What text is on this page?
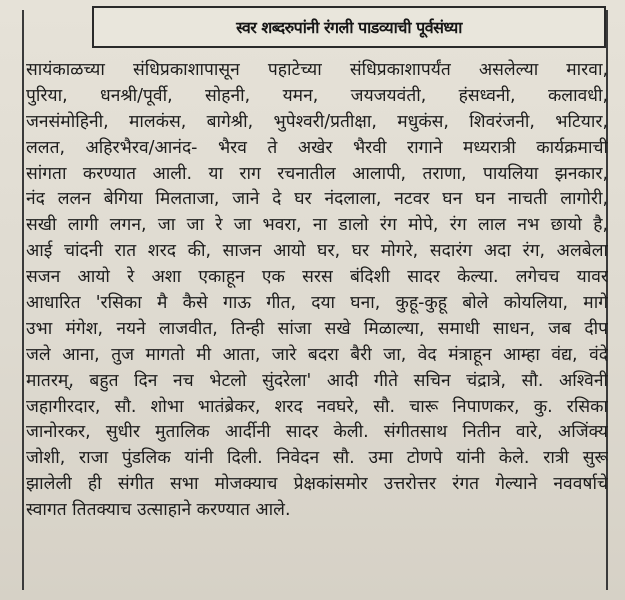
स्वर शब्दरुपांनी रंगली पाडव्याची पूर्वसंध्या
सायंकाळच्या संधिप्रकाशापासून पहाटेच्या संधिप्रकाशापर्यंत असलेल्या मारवा,
पुरिया, धनश्री/पूर्वी, सोहनी, यमन, जयजयवंती, हंसध्वनी, कलावधी,
जनसंमोहिनी, मालकंस, बागेश्री, भुपेश्वरी/प्रतीक्षा, मधुकंस, शिवरंजनी, भटियार,
ललत, अहिरभैरव/आनंद- भैरव ते अखेर भैरवी रागाने मध्यरात्री कार्यक्रमाची
सांगता करण्यात आली. या राग रचनातील आलापी, तराणा, पायलिया झनकार,
नंद ललन बेगिया मिलताजा, जाने दे घर नंदलाला, नटवर घन घन नाचती लागोरी,
सखी लागी लगन, जा जा रे जा भवरा, ना डालो रंग मोपे, रंग लाल नभ छायो है,
आई चांदनी रात शरद की, साजन आयो घर, घर मोगरे, सदारंग अदा रंग, अलबेला
सजन आयो रे अशा एकाहून एक सरस बंदिशी सादर केल्या. लगेचच यावर
आधारित 'रसिका मै कैसे गाऊ गीत, दया घना, कुहू-कुहू बोले कोयलिया, मागे
उभा मंगेश, नयने लाजवीत, तिन्ही सांजा सखे मिळाल्या, समाधी साधन, जब दीप
जले आना, तुज मागतो मी आता, जारे बदरा बैरी जा, वेद मंत्राहून आम्हा वंद्य, वंदे
मातरम्, बहुत दिन नच भेटलो सुंदरेला' आदी गीते सचिन चंद्रात्रे, सौ. अश्विनी
जहागीरदार, सौ. शोभा भातंब्रेकर, शरद नवघरे, सौ. चारू निपाणकर, कु. रसिका
जानोरकर, सुधीर मुतालिक आर्दीनी सादर केली. संगीतसाथ नितीन वारे, अजिंक्य
जोशी, राजा पुंडलिक यांनी दिली. निवेदन सौ. उमा टोणपे यांनी केले. रात्री सुरू
झालेली ही संगीत सभा मोजक्याच प्रेक्षकांसमोर उत्तरोत्तर रंगत गेल्याने नववर्षाचे
स्वागत तितक्याच उत्साहाने करण्यात आले.
